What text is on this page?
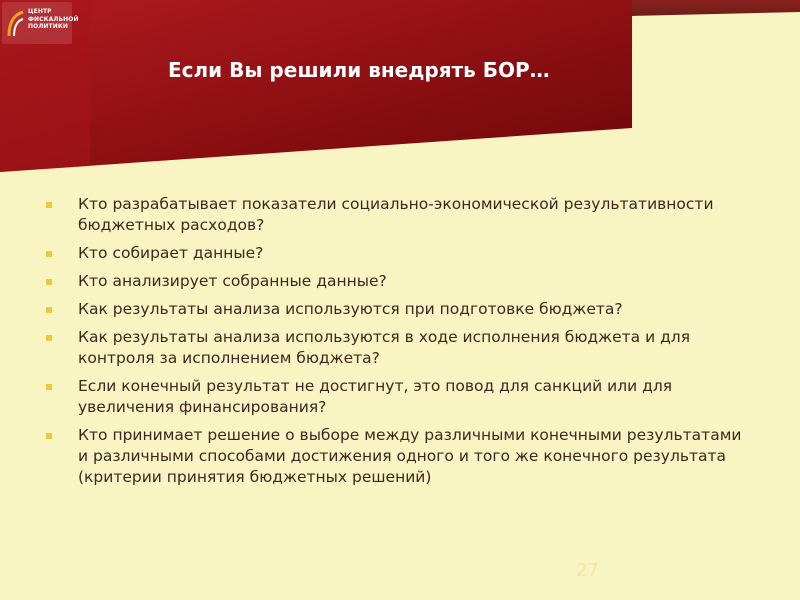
ЦЕНТР
ФИСКАЛЬНОЙ
ПОЛИТИКИ
Если Вы решили внедрять БОР…
Кто разрабатывает показатели социально-экономической результативности бюджетных расходов?
Кто собирает данные?
Кто анализирует собранные данные?
Как результаты анализа используются при подготовке бюджета?
Как результаты анализа используются в ходе исполнения бюджета и для контроля за исполнением бюджета?
Если конечный результат не достигнут, это повод для санкций или для увеличения финансирования?
Кто принимает решение о выборе между различными конечными результатами и различными способами достижения одного и того же конечного результата (критерии принятия бюджетных решений)
27
